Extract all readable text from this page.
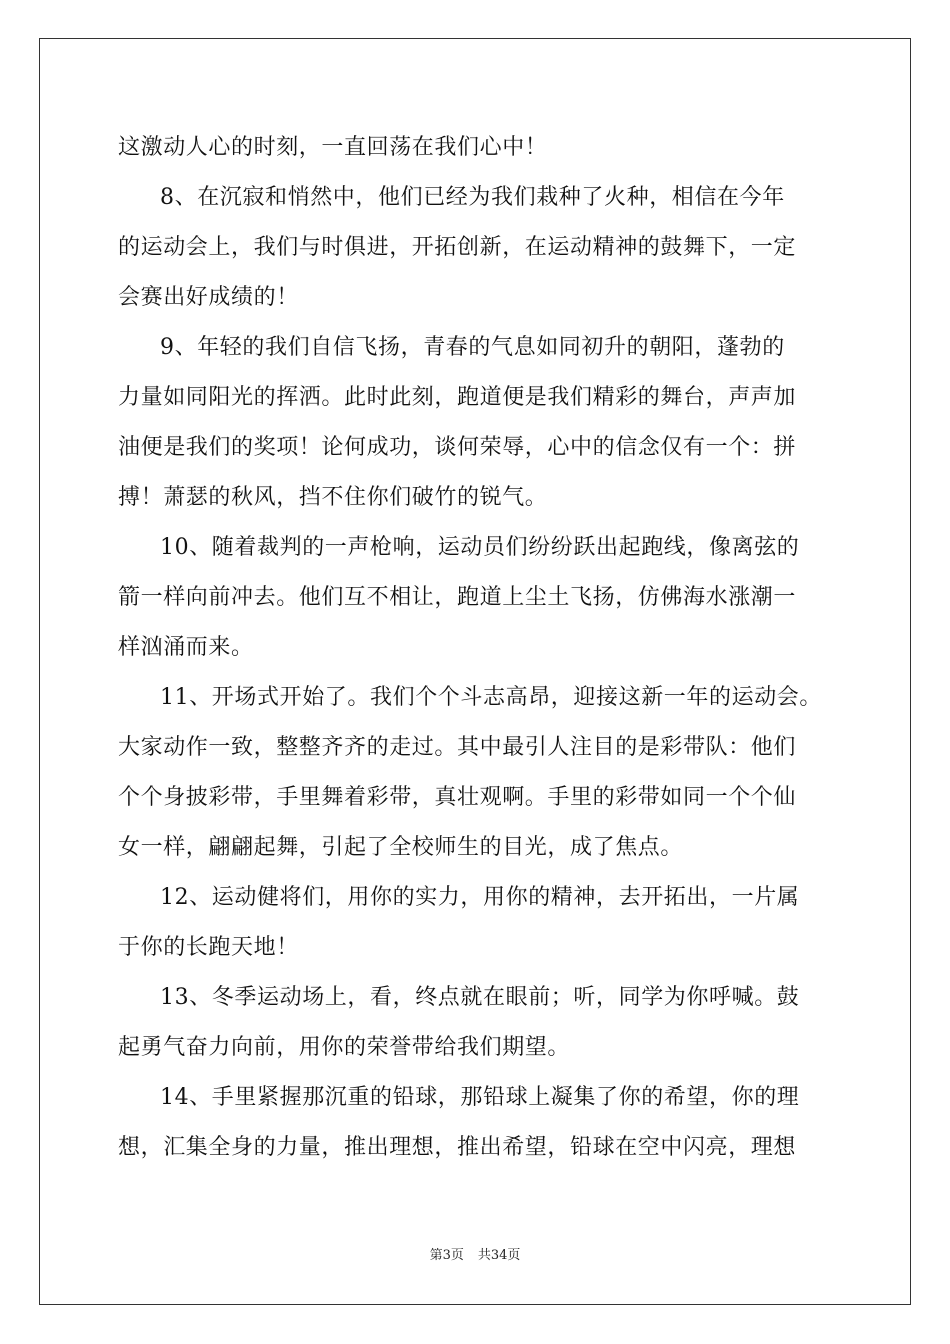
这激动人心的时刻，一直回荡在我们心中！
8、在沉寂和悄然中，他们已经为我们栽种了火种，相信在今年
的运动会上，我们与时俱进，开拓创新，在运动精神的鼓舞下，一定
会赛出好成绩的！
9、年轻的我们自信飞扬，青春的气息如同初升的朝阳，蓬勃的
力量如同阳光的挥洒。此时此刻，跑道便是我们精彩的舞台，声声加
油便是我们的奖项！论何成功，谈何荣辱，心中的信念仅有一个：拼
搏！萧瑟的秋风，挡不住你们破竹的锐气。
10、随着裁判的一声枪响，运动员们纷纷跃出起跑线，像离弦的
箭一样向前冲去。他们互不相让，跑道上尘土飞扬，仿佛海水涨潮一
样汹涌而来。
11、开场式开始了。我们个个斗志高昂，迎接这新一年的运动会。
大家动作一致，整整齐齐的走过。其中最引人注目的是彩带队：他们
个个身披彩带，手里舞着彩带，真壮观啊。手里的彩带如同一个个仙
女一样，翩翩起舞，引起了全校师生的目光，成了焦点。
12、运动健将们，用你的实力，用你的精神，去开拓出，一片属
于你的长跑天地！
13、冬季运动场上，看，终点就在眼前；听，同学为你呼喊。鼓
起勇气奋力向前，用你的荣誉带给我们期望。
14、手里紧握那沉重的铅球，那铅球上凝集了你的希望，你的理
想，汇集全身的力量，推出理想，推出希望，铅球在空中闪亮，理想
第3页 共34页
